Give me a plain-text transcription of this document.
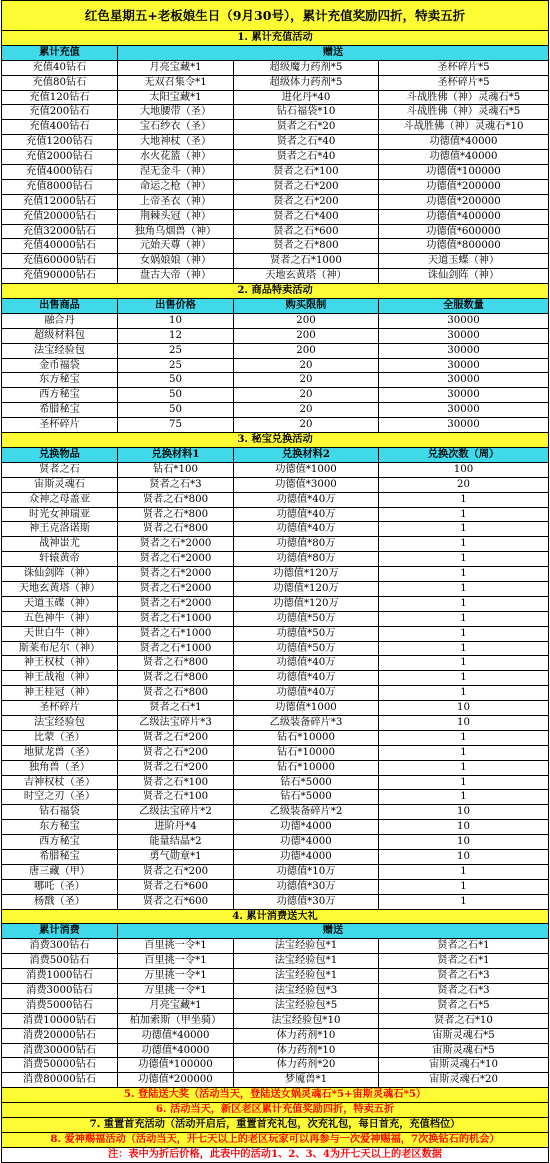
红色星期五+老板娘生日（9月30号），累计充值奖励四折，特卖五折
1. 累计充值活动
累计充值	赠送
充值40钻石	月亮宝藏*1	超级魔力药剂*5	圣杯碎片*5
充值80钻石	无双召集令*1	超级体力药剂*5	圣杯碎片*5
充值120钻石	太阳宝藏*1	进化丹*40	斗战胜佛（神）灵魂石*5
充值200钻石	大地腰带（圣）	钻石福袋*10	斗战胜佛（神）灵魂石*5
充值400钻石	宝石纱衣（圣）	贤者之石*20	斗战胜佛（神）灵魂石*10
充值1200钻石	大地神杖（圣）	贤者之石*40	功德值*40000
充值2000钻石	水火花篮（神）	贤者之石*40	功德值*40000
充值4000钻石	涅无金斗（神）	贤者之石*100	功德值*100000
充值8000钻石	命运之枪（神）	贤者之石*200	功德值*200000
充值12000钻石	上帝圣衣（神）	贤者之石*200	功德值*200000
充值20000钻石	荆棘头冠（神）	贤者之石*400	功德值*400000
充值32000钻石	独角乌烟兽（神）	贤者之石*600	功德值*600000
充值40000钻石	元始天尊（神）	贤者之石*800	功德值*800000
充值60000钻石	女娲娘娘（神）	贤者之石*1000	天道玉蝶（神）
充值90000钻石	盘古大帝（神）	天地玄黄塔（神）	诛仙剑阵（神）
2. 商品特卖活动
出售商品	出售价格	购买限制	全服数量
融合丹	10	200	30000
超级材料包	12	200	30000
法宝经验包	25	200	30000
金币福袋	25	20	30000
东方秘宝	50	20	30000
西方秘宝	50	20	30000
希腊秘宝	50	20	30000
圣杯碎片	75	20	30000
3. 秘宝兑换活动
兑换物品	兑换材料1	兑换材料2	兑换次数（周）
贤者之石	钻石*100	功德值*1000	100
宙斯灵魂石	贤者之石*3	功德值*3000	20
众神之母盖亚	贤者之石*800	功德值*40万	1
时光女神瑞亚	贤者之石*800	功德值*40万	1
神王克洛诺斯	贤者之石*800	功德值*40万	1
战神蚩尤	贤者之石*2000	功德值*80万	1
轩辕黄帝	贤者之石*2000	功德值*80万	1
诛仙剑阵（神）	贤者之石*2000	功德值*120万	1
天地玄黄塔（神）	贤者之石*2000	功德值*120万	1
天道玉碟（神）	贤者之石*2000	功德值*120万	1
五色神牛（神）	贤者之石*1000	功德值*50万	1
天世白牛（神）	贤者之石*1000	功德值*50万	1
斯莱布尼尔（神）	贤者之石*1000	功德值*50万	1
神王权杖（神）	贤者之石*800	功德值*40万	1
神王战袍（神）	贤者之石*800	功德值*40万	1
神王桂冠（神）	贤者之石*800	功德值*40万	1
圣杯碎片	贤者之石*1	功德值*1000	10
法宝经验包	乙级法宝碎片*3	乙级装备碎片*3	10
比蒙（圣）	贤者之石*200	钻石*10000	1
地狱龙兽（圣）	贤者之石*200	钻石*10000	1
独角兽（圣）	贤者之石*200	钻石*10000	1
吉神权杖（圣）	贤者之石*100	钻石*5000	1
时空之刃（圣）	贤者之石*100	钻石*5000	1
钻石福袋	乙级法宝碎片*2	乙级装备碎片*2	10
东方秘宝	进阶丹*4	功德*4000	10
西方秘宝	能量结晶*2	功德*4000	10
希腊秘宝	勇气勋章*1	功德*4000	10
唐三藏（甲）	贤者之石*200	功德值*10万	1
哪吒（圣）	贤者之石*600	功德值*30万	1
杨戬（圣）	贤者之石*600	功德值*30万	1
4. 累计消费送大礼
累计消费	赠送
消费300钻石	百里挑一令*1	法宝经验包*1	贤者之石*1
消费500钻石	百里挑一令*1	法宝经验包*1	贤者之石*1
消费1000钻石	万里挑一令*1	法宝经验包*1	贤者之石*3
消费3000钻石	万里挑一令*1	法宝经验包*3	贤者之石*3
消费5000钻石	月亮宝藏*1	法宝经验包*5	贤者之石*5
消费10000钻石	柏加索斯（甲坐骑）	法宝经验包*10	贤者之石*10
消费20000钻石	功德值*40000	体力药剂*10	宙斯灵魂石*5
消费30000钻石	功德值*40000	体力药剂*10	宙斯灵魂石*5
消费50000钻石	功德值*100000	体力药剂*20	宙斯灵魂石*10
消费80000钻石	功德值*200000	梦魇兽*1	宙斯灵魂石*20
5. 登陆送大奖（活动当天，登陆送女娲灵魂石*5+宙斯灵魂石*5）
6. 活动当天，新区老区累计充值奖励四折，特卖五折
7. 重置首充活动（活动开启后，重置首充礼包，次充礼包，每日首充，充值档位）
8. 爱神赐福活动（活动当天，开七天以上的老区玩家可以再参与一次爱神赐福，7次换钻石的机会）
注：表中为折后价格，此表中的活动1、2、3、4为开七天以上的老区数据
